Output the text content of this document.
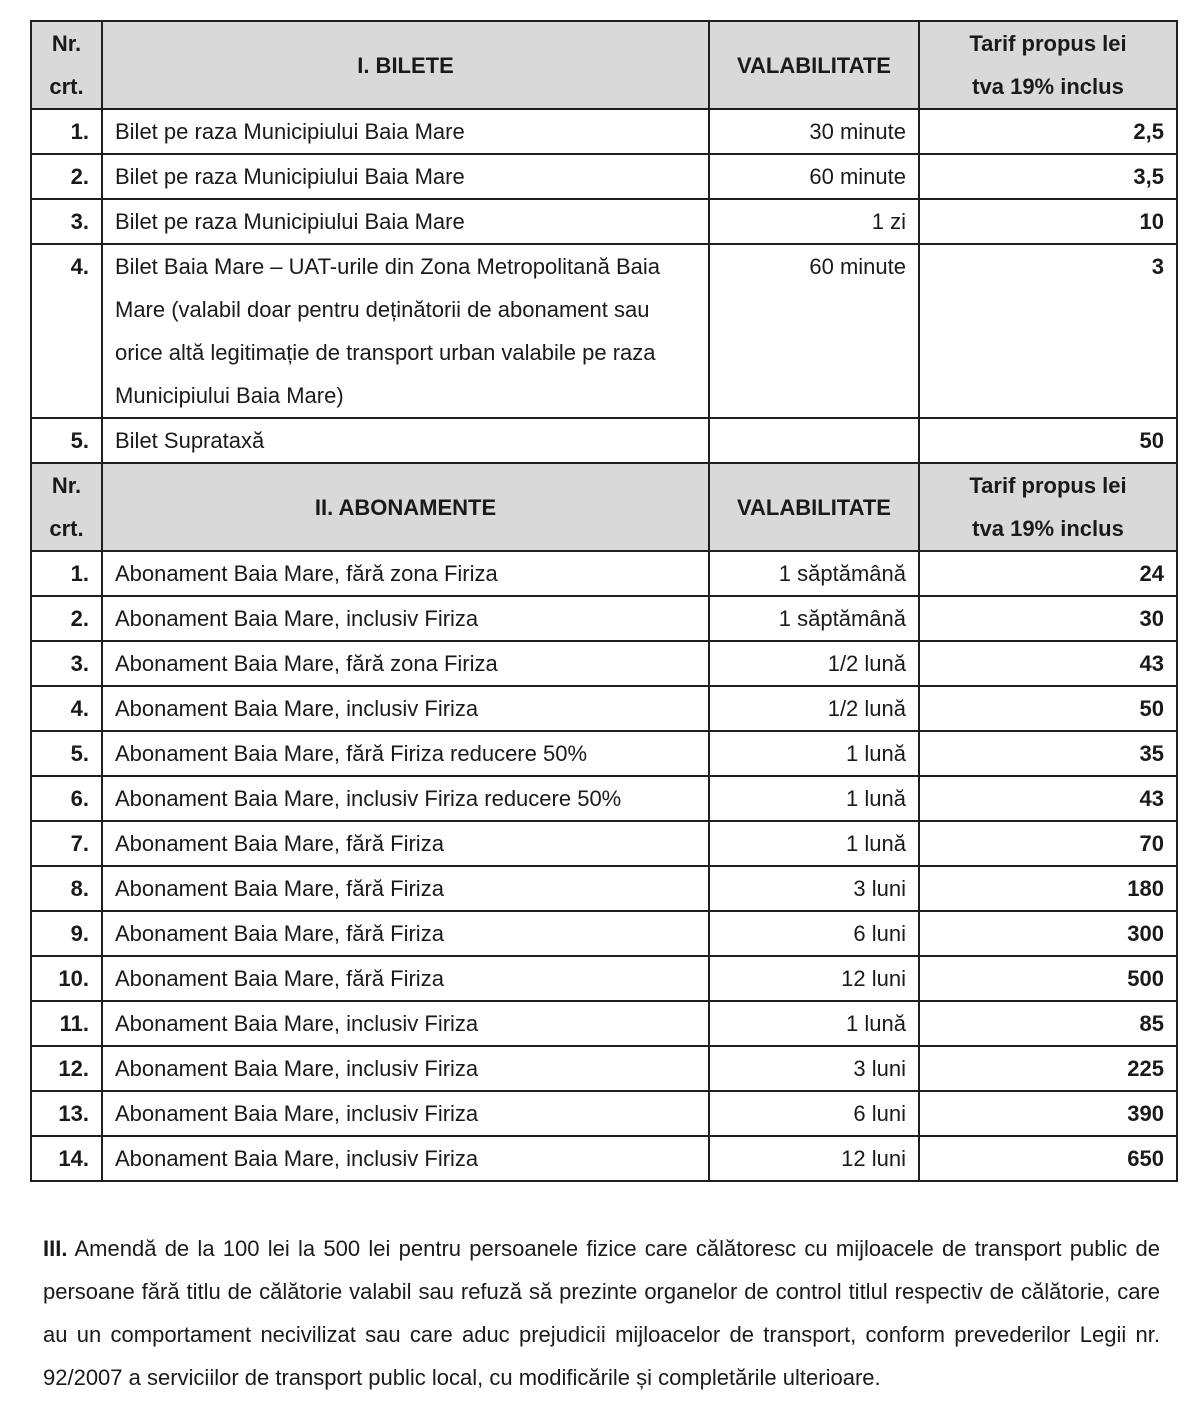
Nr.
crt.	I. BILETE	VALABILITATE	Tarif propus lei
tva 19% inclus
1.	Bilet pe raza Municipiului Baia Mare	30 minute	2,5
2.	Bilet pe raza Municipiului Baia Mare	60 minute	3,5
3.	Bilet pe raza Municipiului Baia Mare	1 zi	10
4.	Bilet Baia Mare – UAT-urile din Zona Metropolitană Baia Mare (valabil doar pentru deținătorii de abonament sau orice altă legitimație de transport urban valabile pe raza Municipiului Baia Mare)	60 minute	3
5.	Bilet Suprataxă		50
Nr.
crt.	II. ABONAMENTE	VALABILITATE	Tarif propus lei
tva 19% inclus
1.	Abonament Baia Mare, fără zona Firiza	1 săptămână	24
2.	Abonament Baia Mare, inclusiv Firiza	1 săptămână	30
3.	Abonament Baia Mare, fără zona Firiza	1/2 lună	43
4.	Abonament Baia Mare, inclusiv Firiza	1/2 lună	50
5.	Abonament Baia Mare, fără Firiza reducere 50%	1 lună	35
6.	Abonament Baia Mare, inclusiv Firiza reducere 50%	1 lună	43
7.	Abonament Baia Mare, fără Firiza	1 lună	70
8.	Abonament Baia Mare, fără Firiza	3 luni	180
9.	Abonament Baia Mare, fără Firiza	6 luni	300
10.	Abonament Baia Mare, fără Firiza	12 luni	500
11.	Abonament Baia Mare, inclusiv Firiza	1 lună	85
12.	Abonament Baia Mare, inclusiv Firiza	3 luni	225
13.	Abonament Baia Mare, inclusiv Firiza	6 luni	390
14.	Abonament Baia Mare, inclusiv Firiza	12 luni	650

III. Amendă de la 100 lei la 500 lei pentru persoanele fizice care călătoresc cu mijloacele de transport public de persoane fără titlu de călătorie valabil sau refuză să prezinte organelor de control titlul respectiv de călătorie, care au un comportament necivilizat sau care aduc prejudicii mijloacelor de transport, conform prevederilor Legii nr. 92/2007 a serviciilor de transport public local, cu modificările și completările ulterioare.
